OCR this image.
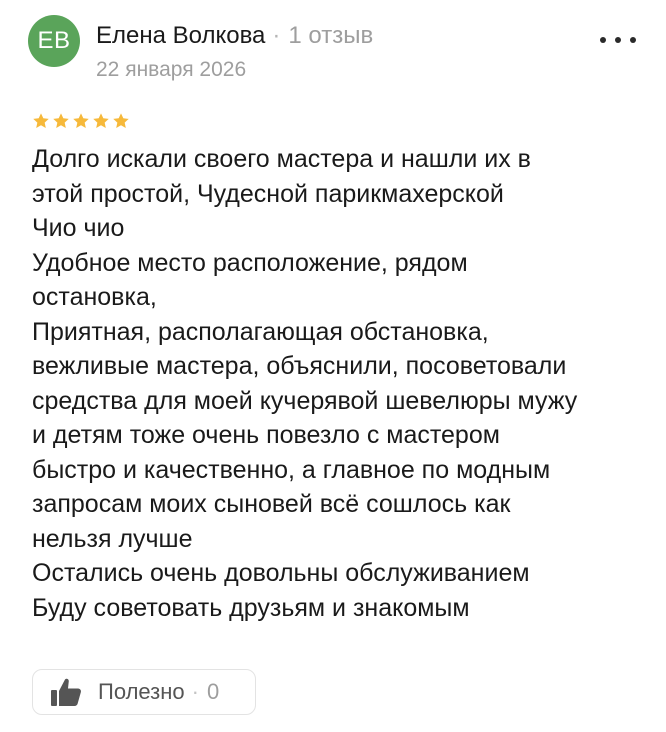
ЕВ Елена Волкова · 1 отзыв
22 января 2026

Долго искали своего мастера и нашли их в
этой простой, Чудесной парикмахерской
Чио чио
Удобное место расположение, рядом
остановка,
Приятная, располагающая обстановка,
вежливые мастера, объяснили, посоветовали
средства для моей кучерявой шевелюры мужу
и детям тоже очень повезло с мастером
быстро и качественно, а главное по модным
запросам моих сыновей всё сошлось как
нельзя лучше
Остались очень довольны обслуживанием
Буду советовать друзьям и знакомым

Полезно · 0
